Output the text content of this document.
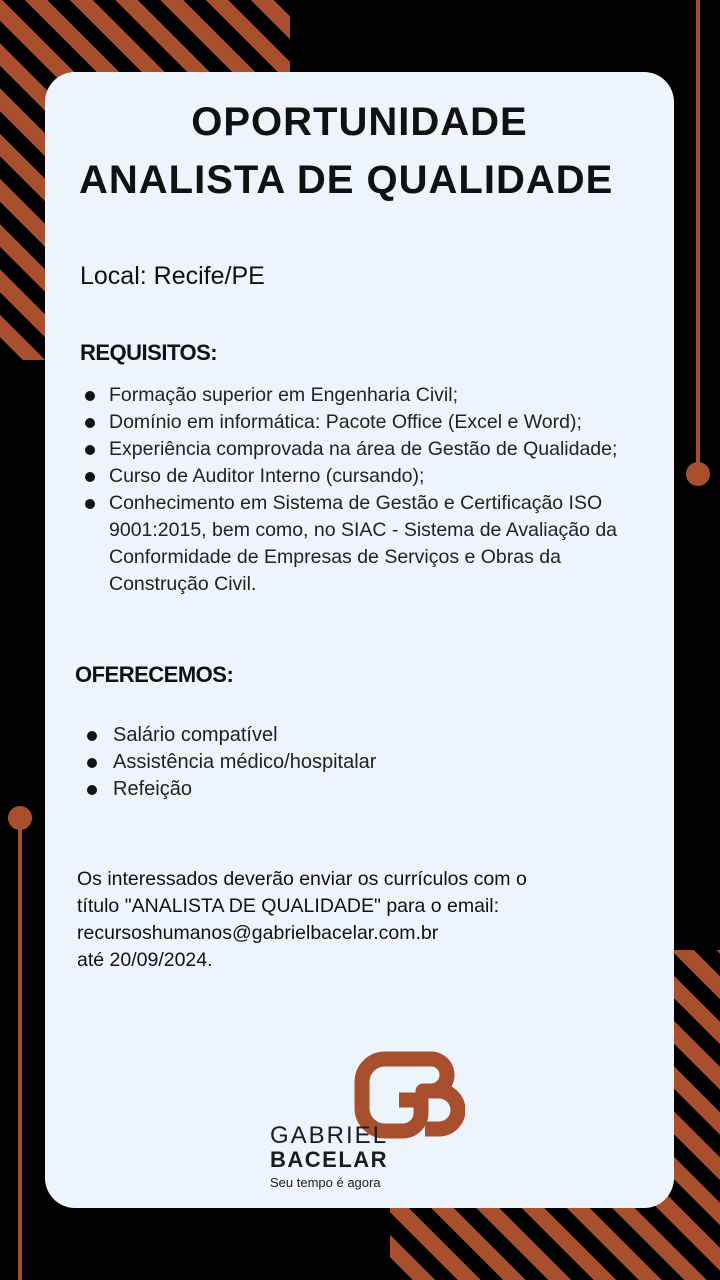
OPORTUNIDADE
ANALISTA DE QUALIDADE
Local: Recife/PE
REQUISITOS:
Formação superior em Engenharia Civil;
Domínio em informática: Pacote Office (Excel e Word);
Experiência comprovada na área de Gestão de Qualidade;
Curso de Auditor Interno (cursando);
Conhecimento em Sistema de Gestão e Certificação ISO 9001:2015, bem como, no SIAC - Sistema de Avaliação da Conformidade de Empresas de Serviços e Obras da Construção Civil.
OFERECEMOS:
Salário compatível
Assistência médico/hospitalar
Refeição
Os interessados deverão enviar os currículos com o
título "ANALISTA DE QUALIDADE" para o email:
recursoshumanos@gabrielbacelar.com.br
até 20/09/2024.
GABRIEL
BACELAR
Seu tempo é agora
